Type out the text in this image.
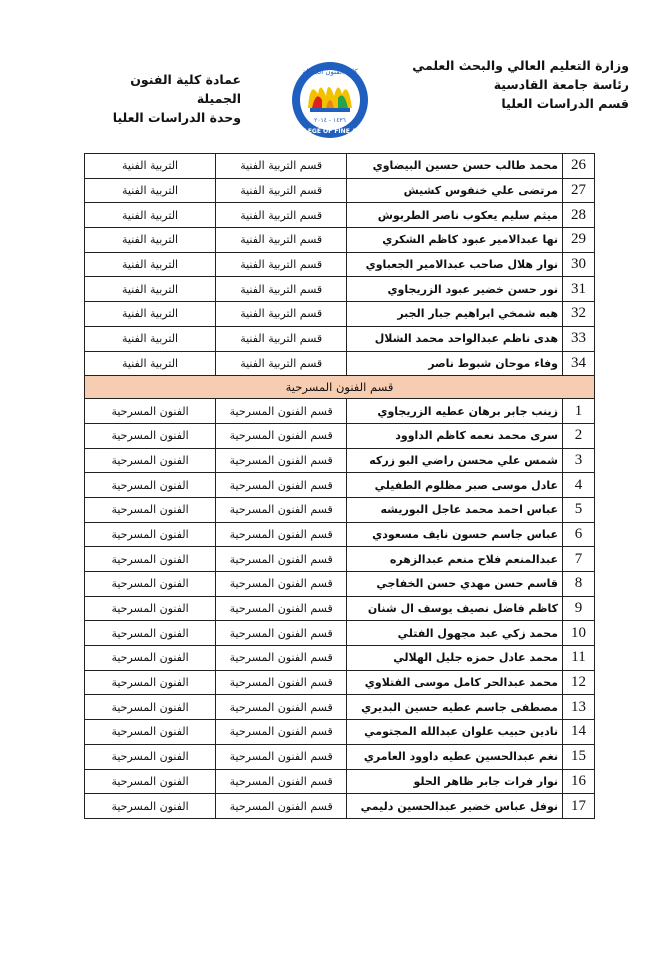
وزارة التعليم العالي والبحث العلمي
رئاسة جامعة القادسية
قسم الدراسات العليا
كلية الفنون الجميلة
١٤٣٦ - ٢٠١٤
COLLEGE OF FINE ARTS
عمادة كلية الفنون الجميلة
وحدة الدراسات العليا
26	محمد طالب حسن حسين البيضاوي	قسم التربية الفنية	التربية الفنية
27	مرتضى علي خنفوس كشيش	قسم التربية الفنية	التربية الفنية
28	ميثم سليم يعكوب ناصر الطربوش	قسم التربية الفنية	التربية الفنية
29	نها عبدالامير عبود كاظم الشكري	قسم التربية الفنية	التربية الفنية
30	نوار هلال صاحب عبدالامير الجعباوي	قسم التربية الفنية	التربية الفنية
31	نور حسن خضير عبود الزريجاوي	قسم التربية الفنية	التربية الفنية
32	هبه شمخي ابراهيم جبار الجبر	قسم التربية الفنية	التربية الفنية
33	هدى ناظم عبدالواحد محمد الشلال	قسم التربية الفنية	التربية الفنية
34	وفاء موحان شبوط ناصر	قسم التربية الفنية	التربية الفنية
قسم الفنون المسرحية			
1	زينب جابر برهان عطيه الزريجاوي	قسم الفنون المسرحية	الفنون المسرحية
2	سرى محمد نعمه كاظم الداوود	قسم الفنون المسرحية	الفنون المسرحية
3	شمس علي محسن راضي البو زركه	قسم الفنون المسرحية	الفنون المسرحية
4	عادل موسى صبر مظلوم الطفيلي	قسم الفنون المسرحية	الفنون المسرحية
5	عباس احمد محمد عاجل البوريشه	قسم الفنون المسرحية	الفنون المسرحية
6	عباس جاسم حسون نايف مسعودي	قسم الفنون المسرحية	الفنون المسرحية
7	عبدالمنعم فلاح منعم عبدالزهره	قسم الفنون المسرحية	الفنون المسرحية
8	قاسم حسن مهدي حسن الخفاجي	قسم الفنون المسرحية	الفنون المسرحية
9	كاظم فاضل نصيف يوسف ال شنان	قسم الفنون المسرحية	الفنون المسرحية
10	محمد زكي عبد مجهول الفتلي	قسم الفنون المسرحية	الفنون المسرحية
11	محمد عادل حمزه جليل الهلالي	قسم الفنون المسرحية	الفنون المسرحية
12	محمد عبدالحر كامل موسى الفتلاوي	قسم الفنون المسرحية	الفنون المسرحية
13	مصطفى جاسم عطيه حسين البديري	قسم الفنون المسرحية	الفنون المسرحية
14	نادين حبيب علوان عبدالله المجتومي	قسم الفنون المسرحية	الفنون المسرحية
15	نغم عبدالحسين عطيه داوود العامري	قسم الفنون المسرحية	الفنون المسرحية
16	نوار فرات جابر ظاهر الحلو	قسم الفنون المسرحية	الفنون المسرحية
17	نوفل عباس خضير عبدالحسين دليمي	قسم الفنون المسرحية	الفنون المسرحية
